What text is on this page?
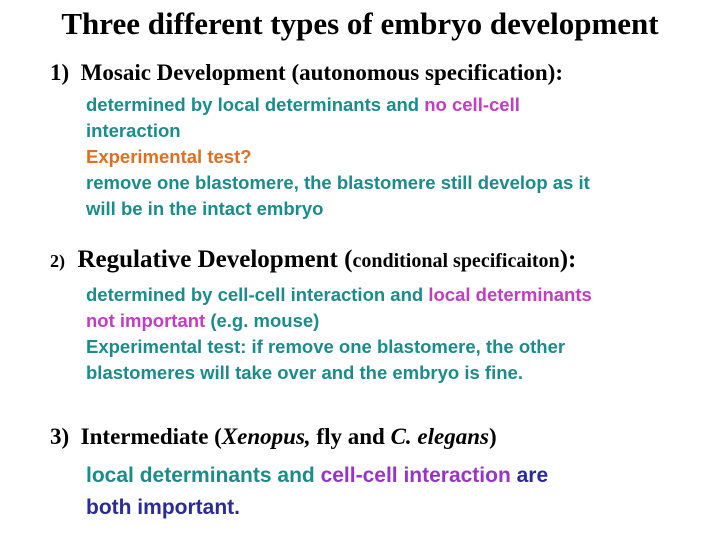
Three different types of embryo development
1) Mosaic Development (autonomous specification):
determined by local determinants and no cell-cell
interaction
Experimental test?
remove one blastomere, the blastomere still develop as it
will be in the intact embryo
2) Regulative Development (conditional specificaiton):
determined by cell-cell interaction and local determinants
not important (e.g. mouse)
Experimental test: if remove one blastomere, the other
blastomeres will take over and the embryo is fine.
3) Intermediate (Xenopus, fly and C. elegans)
local determinants and cell-cell interaction are
both important.
